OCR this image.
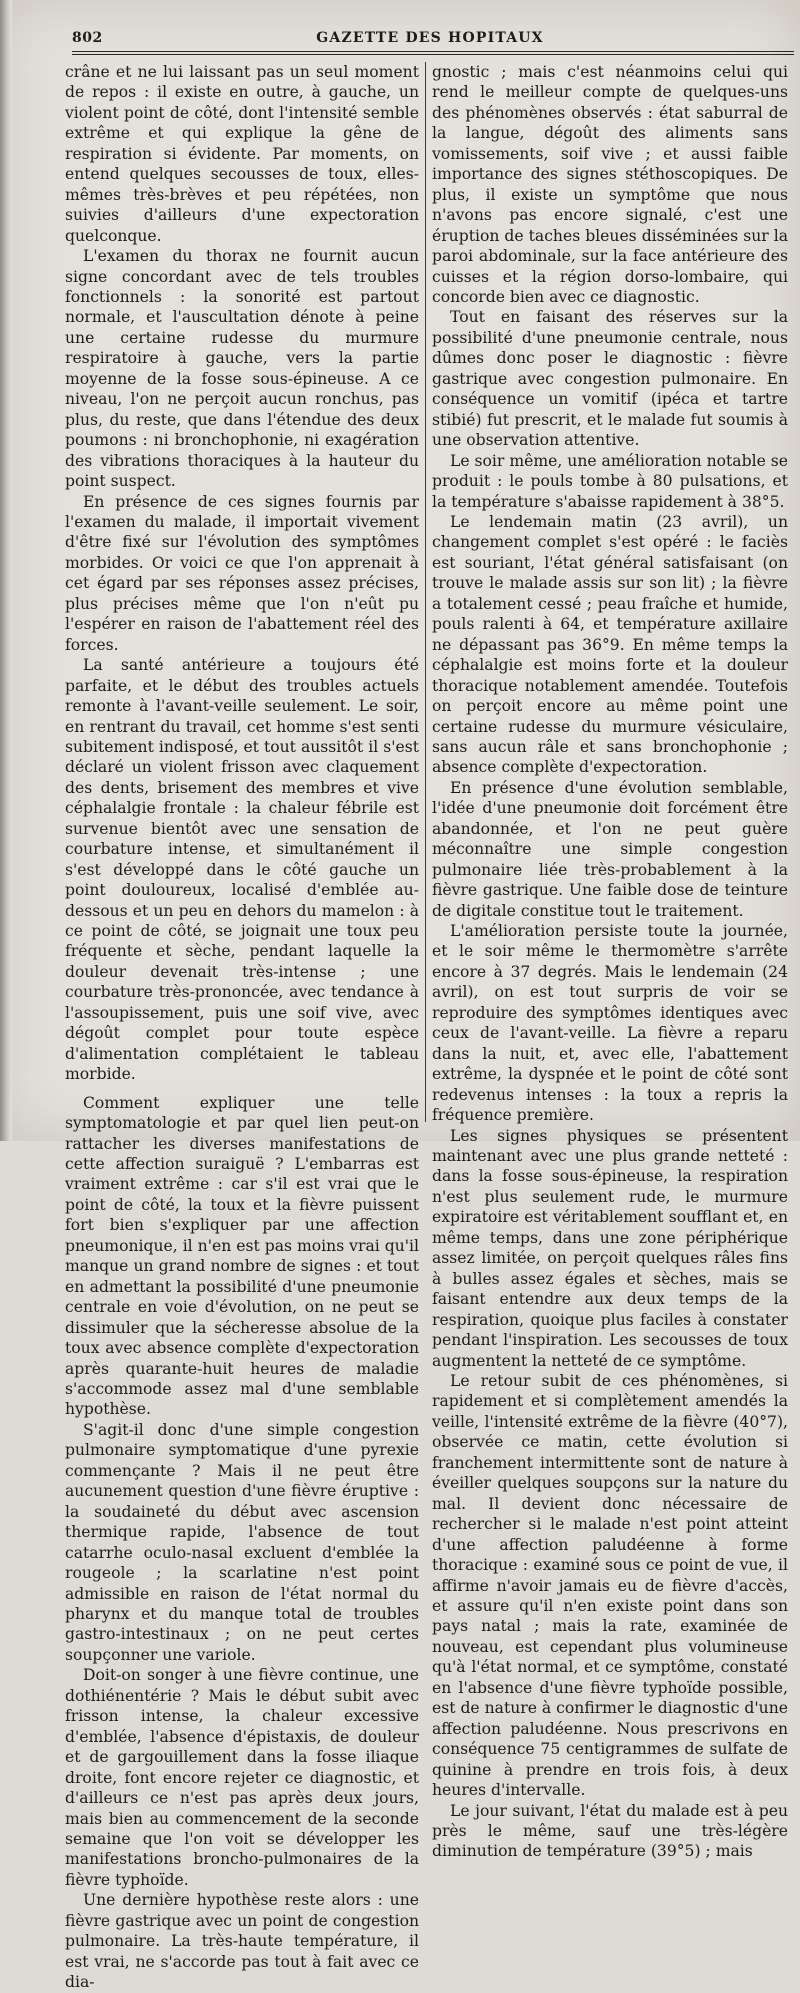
802	GAZETTE DES HOPITAUX

crâne et ne lui laissant pas un seul moment de repos : il existe en outre, à gauche, un violent point de côté, dont l'intensité semble extrême et qui explique la gêne de respiration si évidente. Par moments, on entend quelques secousses de toux, elles-mêmes très-brèves et peu répétées, non suivies d'ailleurs d'une expectoration quelconque.

L'examen du thorax ne fournit aucun signe concordant avec de tels troubles fonctionnels : la sonorité est partout normale, et l'auscultation dénote à peine une certaine rudesse du murmure respiratoire à gauche, vers la partie moyenne de la fosse sous-épineuse. A ce niveau, l'on ne perçoit aucun ronchus, pas plus, du reste, que dans l'étendue des deux poumons : ni bronchophonie, ni exagération des vibrations thoraciques à la hauteur du point suspect.

En présence de ces signes fournis par l'examen du malade, il importait vivement d'être fixé sur l'évolution des symptômes morbides. Or voici ce que l'on apprenait à cet égard par ses réponses assez précises, plus précises même que l'on n'eût pu l'espérer en raison de l'abattement réel des forces.

La santé antérieure a toujours été parfaite, et le début des troubles actuels remonte à l'avant-veille seulement. Le soir, en rentrant du travail, cet homme s'est senti subitement indisposé, et tout aussitôt il s'est déclaré un violent frisson avec claquement des dents, brisement des membres et vive céphalalgie frontale : la chaleur fébrile est survenue bientôt avec une sensation de courbature intense, et simultanément il s'est développé dans le côté gauche un point douloureux, localisé d'emblée au-dessous et un peu en dehors du mamelon : à ce point de côté, se joignait une toux peu fréquente et sèche, pendant laquelle la douleur devenait très-intense ; une courbature très-prononcée, avec tendance à l'assoupissement, puis une soif vive, avec dégoût complet pour toute espèce d'alimentation complétaient le tableau morbide.

Comment expliquer une telle symptomatologie et par quel lien peut-on rattacher les diverses manifestations de cette affection suraiguë ? L'embarras est vraiment extrême : car s'il est vrai que le point de côté, la toux et la fièvre puissent fort bien s'expliquer par une affection pneumonique, il n'en est pas moins vrai qu'il manque un grand nombre de signes : et tout en admettant la possibilité d'une pneumonie centrale en voie d'évolution, on ne peut se dissimuler que la sécheresse absolue de la toux avec absence complète d'expectoration après quarante-huit heures de maladie s'accommode assez mal d'une semblable hypothèse.

S'agit-il donc d'une simple congestion pulmonaire symptomatique d'une pyrexie commençante ? Mais il ne peut être aucunement question d'une fièvre éruptive : la soudaineté du début avec ascension thermique rapide, l'absence de tout catarrhe oculo-nasal excluent d'emblée la rougeole ; la scarlatine n'est point admissible en raison de l'état normal du pharynx et du manque total de troubles gastro-intestinaux ; on ne peut certes soupçonner une variole.

Doit-on songer à une fièvre continue, une dothiénentérie ? Mais le début subit avec frisson intense, la chaleur excessive d'emblée, l'absence d'épistaxis, de douleur et de gargouillement dans la fosse iliaque droite, font encore rejeter ce diagnostic, et d'ailleurs ce n'est pas après deux jours, mais bien au commencement de la seconde semaine que l'on voit se développer les manifestations broncho-pulmonaires de la fièvre typhoïde.

Une dernière hypothèse reste alors : une fièvre gastrique avec un point de congestion pulmonaire. La très-haute température, il est vrai, ne s'accorde pas tout à fait avec ce dia-

gnostic ; mais c'est néanmoins celui qui rend le meilleur compte de quelques-uns des phénomènes observés : état saburral de la langue, dégoût des aliments sans vomissements, soif vive ; et aussi faible importance des signes stéthoscopiques. De plus, il existe un symptôme que nous n'avons pas encore signalé, c'est une éruption de taches bleues disséminées sur la paroi abdominale, sur la face antérieure des cuisses et la région dorso-lombaire, qui concorde bien avec ce diagnostic.

Tout en faisant des réserves sur la possibilité d'une pneumonie centrale, nous dûmes donc poser le diagnostic : fièvre gastrique avec congestion pulmonaire. En conséquence un vomitif (ipéca et tartre stibié) fut prescrit, et le malade fut soumis à une observation attentive.

Le soir même, une amélioration notable se produit : le pouls tombe à 80 pulsations, et la température s'abaisse rapidement à 38°5.

Le lendemain matin (23 avril), un changement complet s'est opéré : le faciès est souriant, l'état général satisfaisant (on trouve le malade assis sur son lit) ; la fièvre a totalement cessé ; peau fraîche et humide, pouls ralenti à 64, et température axillaire ne dépassant pas 36°9. En même temps la céphalalgie est moins forte et la douleur thoracique notablement amendée. Toutefois on perçoit encore au même point une certaine rudesse du murmure vésiculaire, sans aucun râle et sans bronchophonie ; absence complète d'expectoration.

En présence d'une évolution semblable, l'idée d'une pneumonie doit forcément être abandonnée, et l'on ne peut guère méconnaître une simple congestion pulmonaire liée très-probablement à la fièvre gastrique. Une faible dose de teinture de digitale constitue tout le traitement.

L'amélioration persiste toute la journée, et le soir même le thermomètre s'arrête encore à 37 degrés. Mais le lendemain (24 avril), on est tout surpris de voir se reproduire des symptômes identiques avec ceux de l'avant-veille. La fièvre a reparu dans la nuit, et, avec elle, l'abattement extrême, la dyspnée et le point de côté sont redevenus intenses : la toux a repris la fréquence première.

Les signes physiques se présentent maintenant avec une plus grande netteté : dans la fosse sous-épineuse, la respiration n'est plus seulement rude, le murmure expiratoire est véritablement soufflant et, en même temps, dans une zone périphérique assez limitée, on perçoit quelques râles fins à bulles assez égales et sèches, mais se faisant entendre aux deux temps de la respiration, quoique plus faciles à constater pendant l'inspiration. Les secousses de toux augmentent la netteté de ce symptôme.

Le retour subit de ces phénomènes, si rapidement et si complètement amendés la veille, l'intensité extrême de la fièvre (40°7), observée ce matin, cette évolution si franchement intermittente sont de nature à éveiller quelques soupçons sur la nature du mal. Il devient donc nécessaire de rechercher si le malade n'est point atteint d'une affection paludéenne à forme thoracique : examiné sous ce point de vue, il affirme n'avoir jamais eu de fièvre d'accès, et assure qu'il n'en existe point dans son pays natal ; mais la rate, examinée de nouveau, est cependant plus volumineuse qu'à l'état normal, et ce symptôme, constaté en l'absence d'une fièvre typhoïde possible, est de nature à confirmer le diagnostic d'une affection paludéenne. Nous prescrivons en conséquence 75 centigrammes de sulfate de quinine à prendre en trois fois, à deux heures d'intervalle.

Le jour suivant, l'état du malade est à peu près le même, sauf une très-légère diminution de température (39°5) ; mais
